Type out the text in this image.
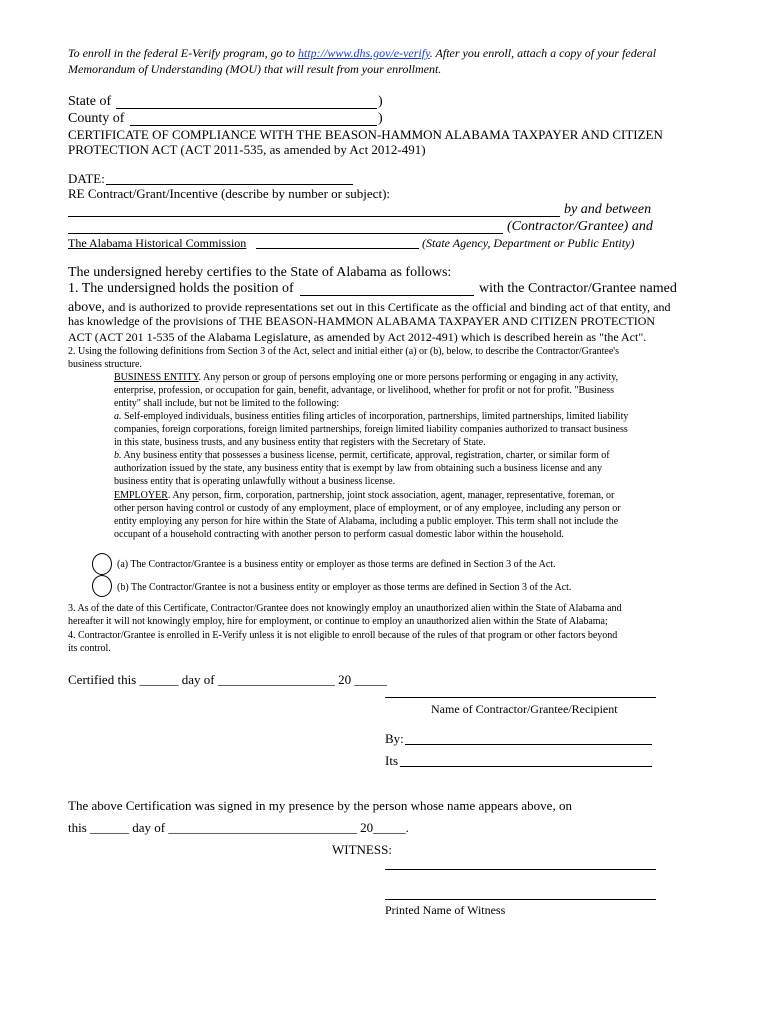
To enroll in the federal E-Verify program, go to http://www.dhs.gov/e-verify. After you enroll, attach a copy of your federal
Memorandum of Understanding (MOU) that will result from your enrollment.
State of	)
County of	)
CERTIFICATE OF COMPLIANCE WITH THE BEASON-HAMMON ALABAMA TAXPAYER AND CITIZEN
PROTECTION ACT (ACT 2011-535, as amended by Act 2012-491)
DATE:
RE Contract/Grant/Incentive (describe by number or subject):
by and between
(Contractor/Grantee) and
The Alabama Historical Commission	(State Agency, Department or Public Entity)
The undersigned hereby certifies to the State of Alabama as follows:
1. The undersigned holds the position of	with the Contractor/Grantee named
above, and is authorized to provide representations set out in this Certificate as the official and binding act of that entity, and
has knowledge of the provisions of THE BEASON-HAMMON ALABAMA TAXPAYER AND CITIZEN PROTECTION
ACT (ACT 201 1-535 of the Alabama Legislature, as amended by Act 2012-491) which is described herein as "the Act".
2. Using the following definitions from Section 3 of the Act, select and initial either (a) or (b), below, to describe the Contractor/Grantee's
business structure.
BUSINESS ENTITY. Any person or group of persons employing one or more persons performing or engaging in any activity,
enterprise, profession, or occupation for gain, benefit, advantage, or livelihood, whether for profit or not for profit. "Business
entity" shall include, but not be limited to the following:
a. Self-employed individuals, business entities filing articles of incorporation, partnerships, limited partnerships, limited liability
companies, foreign corporations, foreign limited partnerships, foreign limited liability companies authorized to transact business
in this state, business trusts, and any business entity that registers with the Secretary of State.
b. Any business entity that possesses a business license, permit, certificate, approval, registration, charter, or similar form of
authorization issued by the state, any business entity that is exempt by law from obtaining such a business license and any
business entity that is operating unlawfully without a business license.
EMPLOYER. Any person, firm, corporation, partnership, joint stock association, agent, manager, representative, foreman, or
other person having control or custody of any employment, place of employment, or of any employee, including any person or
entity employing any person for hire within the State of Alabama, including a public employer. This term shall not include the
occupant of a household contracting with another person to perform casual domestic labor within the household.
(a) The Contractor/Grantee is a business entity or employer as those terms are defined in Section 3 of the Act.
(b) The Contractor/Grantee is not a business entity or employer as those terms are defined in Section 3 of the Act.
3. As of the date of this Certificate, Contractor/Grantee does not knowingly employ an unauthorized alien within the State of Alabama and
hereafter it will not knowingly employ, hire for employment, or continue to employ an unauthorized alien within the State of Alabama;
4. Contractor/Grantee is enrolled in E-Verify unless it is not eligible to enroll because of the rules of that program or other factors beyond
its control.
Certified this ______ day of __________________ 20 _____
Name of Contractor/Grantee/Recipient
By:
Its
The above Certification was signed in my presence by the person whose name appears above, on
this ______ day of _____________________________ 20_____.
WITNESS:
Printed Name of Witness
